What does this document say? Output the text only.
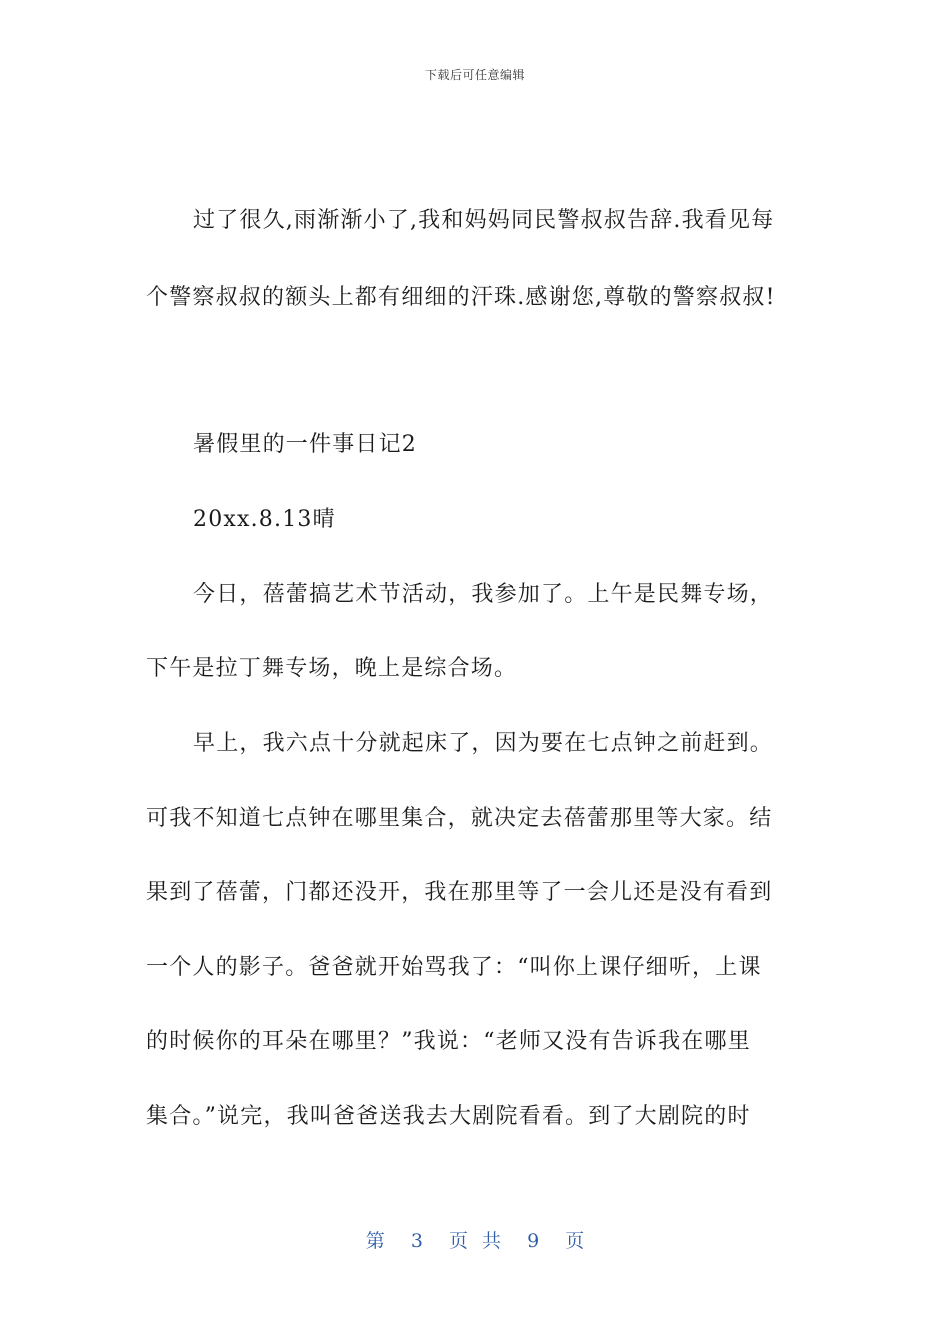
下载后可任意编辑
过了很久,雨渐渐小了,我和妈妈同民警叔叔告辞.我看见每
个警察叔叔的额头上都有细细的汗珠.感谢您,尊敬的警察叔叔!
暑假里的一件事日记2
20xx.8.13晴
今日，蓓蕾搞艺术节活动，我参加了。上午是民舞专场，
下午是拉丁舞专场，晚上是综合场。
早上，我六点十分就起床了，因为要在七点钟之前赶到。
可我不知道七点钟在哪里集合，就决定去蓓蕾那里等大家。结
果到了蓓蕾，门都还没开，我在那里等了一会儿还是没有看到
一个人的影子。爸爸就开始骂我了：“叫你上课仔细听，上课
的时候你的耳朵在哪里？”我说：“老师又没有告诉我在哪里
集合。”说完，我叫爸爸送我去大剧院看看。到了大剧院的时
第 3 页 共 9 页
